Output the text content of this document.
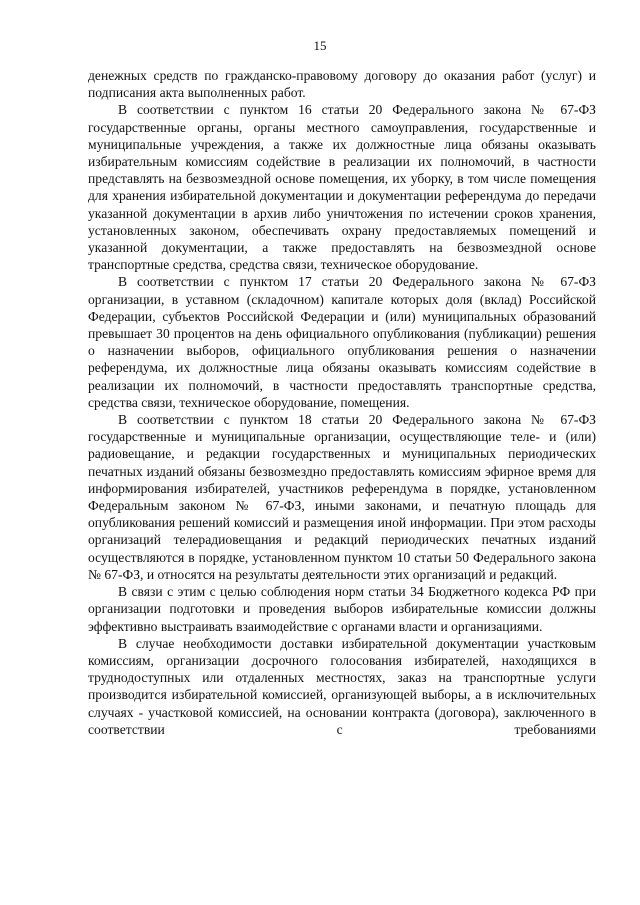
15

денежных средств по гражданско-правовому договору до оказания работ (услуг) и подписания акта выполненных работ.

В соответствии с пунктом 16 статьи 20 Федерального закона № 67-ФЗ государственные органы, органы местного самоуправления, государственные и муниципальные учреждения, а также их должностные лица обязаны оказывать избирательным комиссиям содействие в реализации их полномочий, в частности представлять на безвозмездной основе помещения, их уборку, в том числе помещения для хранения избирательной документации и документации референдума до передачи указанной документации в архив либо уничтожения по истечении сроков хранения, установленных законом, обеспечивать охрану предоставляемых помещений и указанной документации, а также предоставлять на безвозмездной основе транспортные средства, средства связи, техническое оборудование.

В соответствии с пунктом 17 статьи 20 Федерального закона № 67-ФЗ организации, в уставном (складочном) капитале которых доля (вклад) Российской Федерации, субъектов Российской Федерации и (или) муниципальных образований превышает 30 процентов на день официального опубликования (публикации) решения о назначении выборов, официального опубликования решения о назначении референдума, их должностные лица обязаны оказывать комиссиям содействие в реализации их полномочий, в частности предоставлять транспортные средства, средства связи, техническое оборудование, помещения.

В соответствии с пунктом 18 статьи 20 Федерального закона № 67-ФЗ государственные и муниципальные организации, осуществляющие теле- и (или) радиовещание, и редакции государственных и муниципальных периодических печатных изданий обязаны безвозмездно предоставлять комиссиям эфирное время для информирования избирателей, участников референдума в порядке, установленном Федеральным законом № 67-ФЗ, иными законами, и печатную площадь для опубликования решений комиссий и размещения иной информации. При этом расходы организаций телерадиовещания и редакций периодических печатных изданий осуществляются в порядке, установленном пунктом 10 статьи 50 Федерального закона № 67-ФЗ, и относятся на результаты деятельности этих организаций и редакций.

В связи с этим с целью соблюдения норм статьи 34 Бюджетного кодекса РФ при организации подготовки и проведения выборов избирательные комиссии должны эффективно выстраивать взаимодействие с органами власти и организациями.

В случае необходимости доставки избирательной документации участковым комиссиям, организации досрочного голосования избирателей, находящихся в труднодоступных или отдаленных местностях, заказ на транспортные услуги производится избирательной комиссией, организующей выборы, а в исключительных случаях - участковой комиссией, на основании контракта (договора), заключенного в соответствии с требованиями
